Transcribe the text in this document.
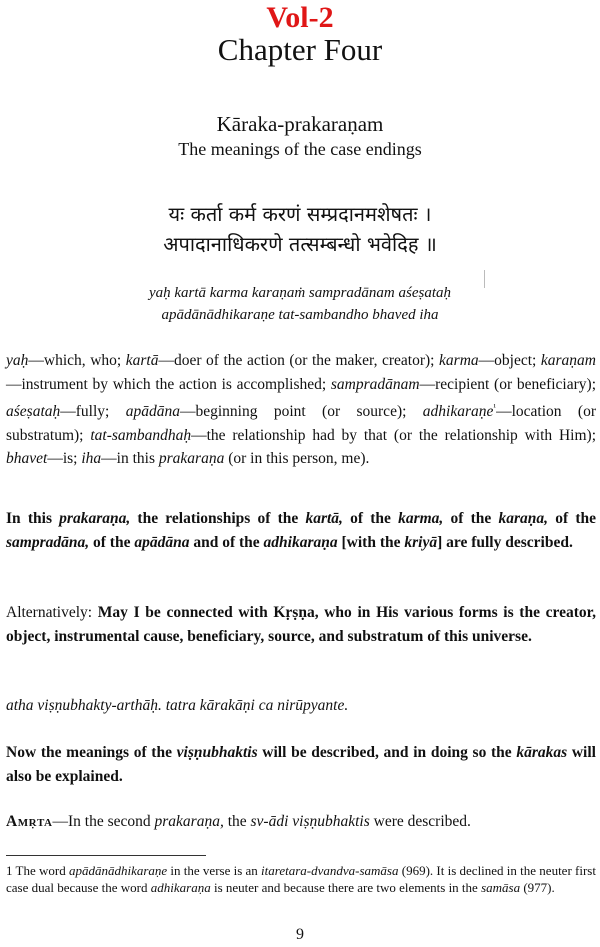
Vol-2
Chapter Four
Kāraka-prakaraṇam
The meanings of the case endings
यः कर्ता कर्म करणं सम्प्रदानमशेषतः ।
अपादानाधिकरणे तत्सम्बन्धो भवेदिह ॥
yaḥ kartā karma karaṇaṁ sampradānam aśeṣataḥ
apādānādhikaraṇe tat-sambandho bhaved iha
yaḥ—which, who; kartā—doer of the action (or the maker, creator); karma—object; karaṇam—instrument by which the action is accomplished; sampradānam—recipient (or beneficiary); aśeṣataḥ—fully; apādāna—beginning point (or source); adhikaraṇe$^{^1}$—location (or substratum); tat-sambandhaḥ—the relationship had by that (or the relationship with Him); bhavet—is; iha—in this prakaraṇa (or in this person, me).
In this prakaraṇa, the relationships of the kartā, of the karma, of the karaṇa, of the sampradāna, of the apādāna and of the adhikaraṇa [with the kriyā] are fully described.
Alternatively: May I be connected with Kṛṣṇa, who in His various forms is the creator, object, instrumental cause, beneficiary, source, and substratum of this universe.
atha viṣṇubhakty-arthāḥ. tatra kārakāṇi ca nirūpyante.
Now the meanings of the viṣṇubhaktis will be described, and in doing so the kārakas will also be explained.
Amṛta—In the second prakaraṇa, the sv-ādi viṣṇubhaktis were described.
1 The word apādānādhikaraṇe in the verse is an itaretara-dvandva-samāsa (969). It is declined in the neuter first case dual because the word adhikaraṇa is neuter and because there are two elements in the samāsa (977).
9
